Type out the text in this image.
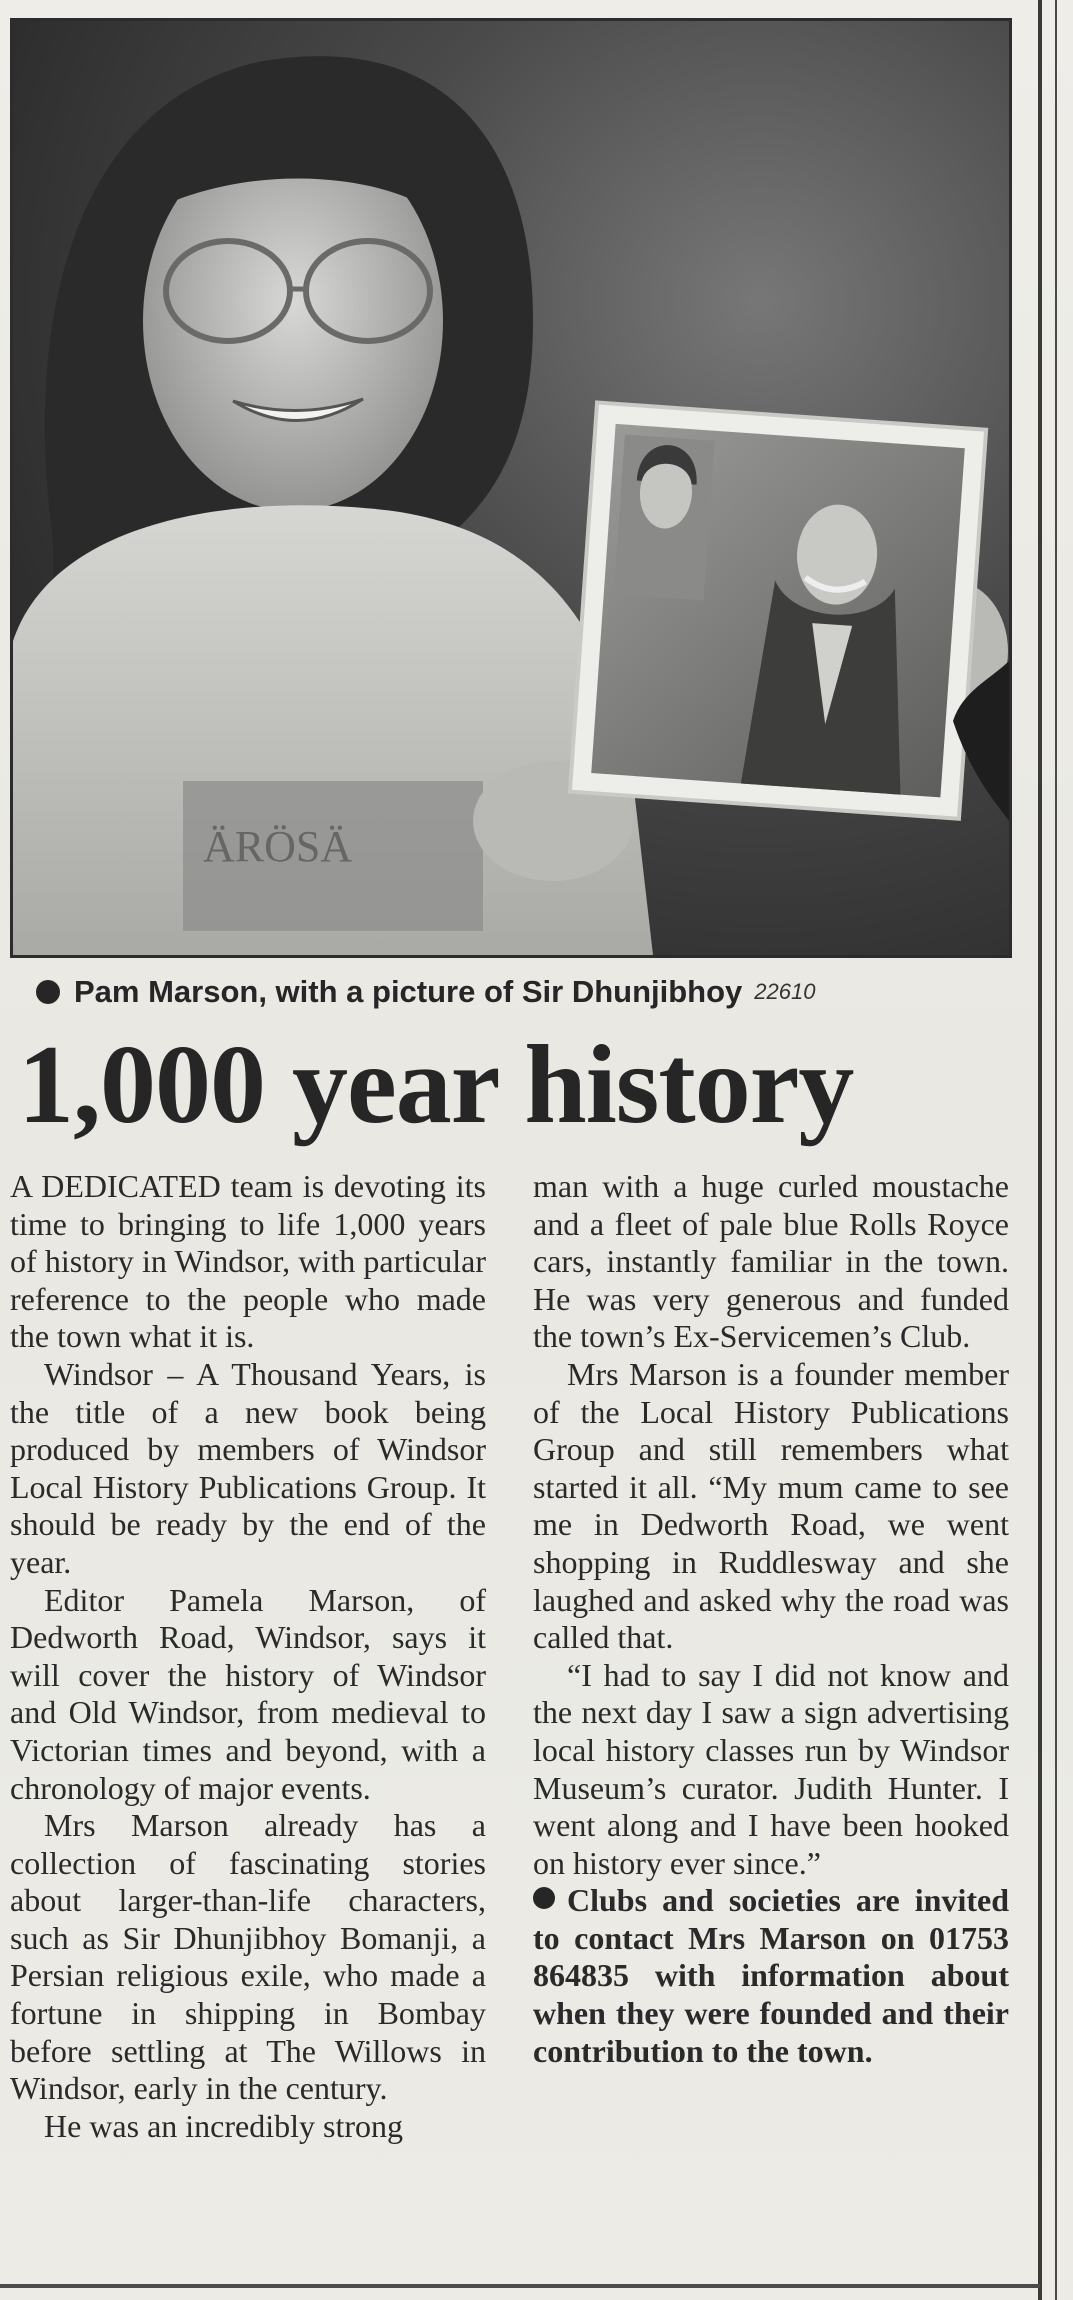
ÄRÖSÄ
Pam Marson, with a picture of Sir Dhunjibhoy 22610
1,000 year history

A DEDICATED team is devoting its time to bringing to life 1,000 years of history in Windsor, with particular reference to the people who made the town what it is.

Windsor – A Thousand Years, is the title of a new book being produced by members of Windsor Local History Publications Group. It should be ready by the end of the year.

Editor Pamela Marson, of Dedworth Road, Windsor, says it will cover the history of Windsor and Old Windsor, from medieval to Victorian times and beyond, with a chronology of major events.

Mrs Marson already has a collection of fascinating stories about larger-than-life characters, such as Sir Dhunjibhoy Bomanji, a Persian religious exile, who made a fortune in shipping in Bombay before settling at The Willows in Windsor, early in the century.

He was an incredibly strong

man with a huge curled moustache and a fleet of pale blue Rolls Royce cars, instantly familiar in the town. He was very generous and funded the town’s Ex-Servicemen’s Club.

Mrs Marson is a founder member of the Local History Publications Group and still remembers what started it all. “My mum came to see me in Dedworth Road, we went shopping in Ruddlesway and she laughed and asked why the road was called that.

“I had to say I did not know and the next day I saw a sign advertising local history classes run by Windsor Museum’s curator. Judith Hunter. I went along and I have been hooked on history ever since.”

Clubs and societies are invited to contact Mrs Marson on 01753 864835 with information about when they were founded and their contribution to the town.
